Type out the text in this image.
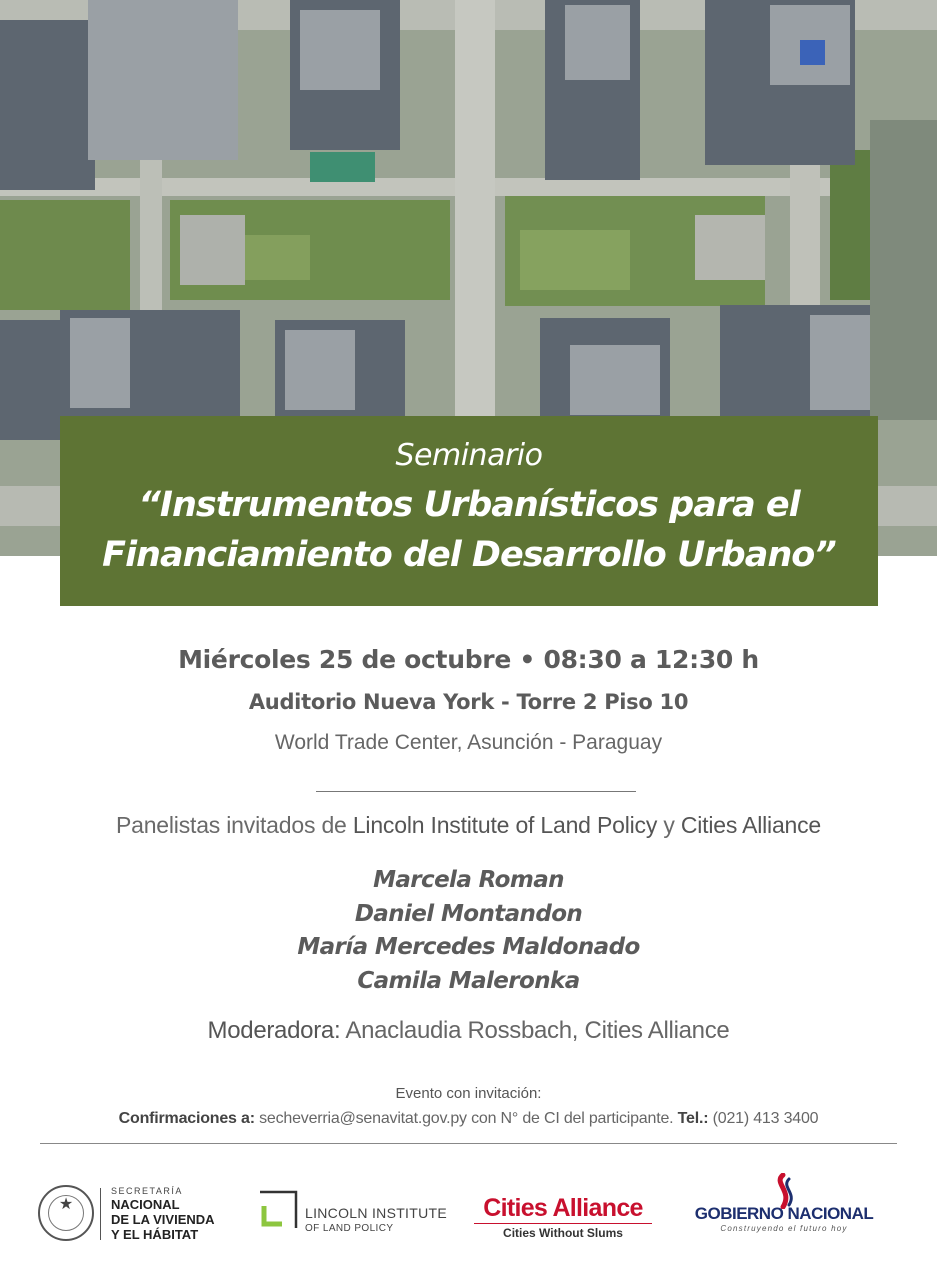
Seminario
“Instrumentos Urbanísticos para el
Financiamiento del Desarrollo Urbano”
Miércoles 25 de octubre • 08:30 a 12:30 h
Auditorio Nueva York - Torre 2 Piso 10
World Trade Center, Asunción - Paraguay
Panelistas invitados de Lincoln Institute of Land Policy y Cities Alliance
Marcela Roman
Daniel Montandon
María Mercedes Maldonado
Camila Maleronka
Moderadora: Anaclaudia Rossbach, Cities Alliance
Evento con invitación:
Confirmaciones a: secheverria@senavitat.gov.py con N° de CI del participante. Tel.: (021) 413 3400
★
SECRETARÍA
NACIONAL
DE LA VIVIENDA
Y EL HÁBITAT
LINCOLN INSTITUTE
OF LAND POLICY
Cities Alliance
Cities Without Slums
GOBIERNO NACIONAL
Construyendo el futuro hoy
